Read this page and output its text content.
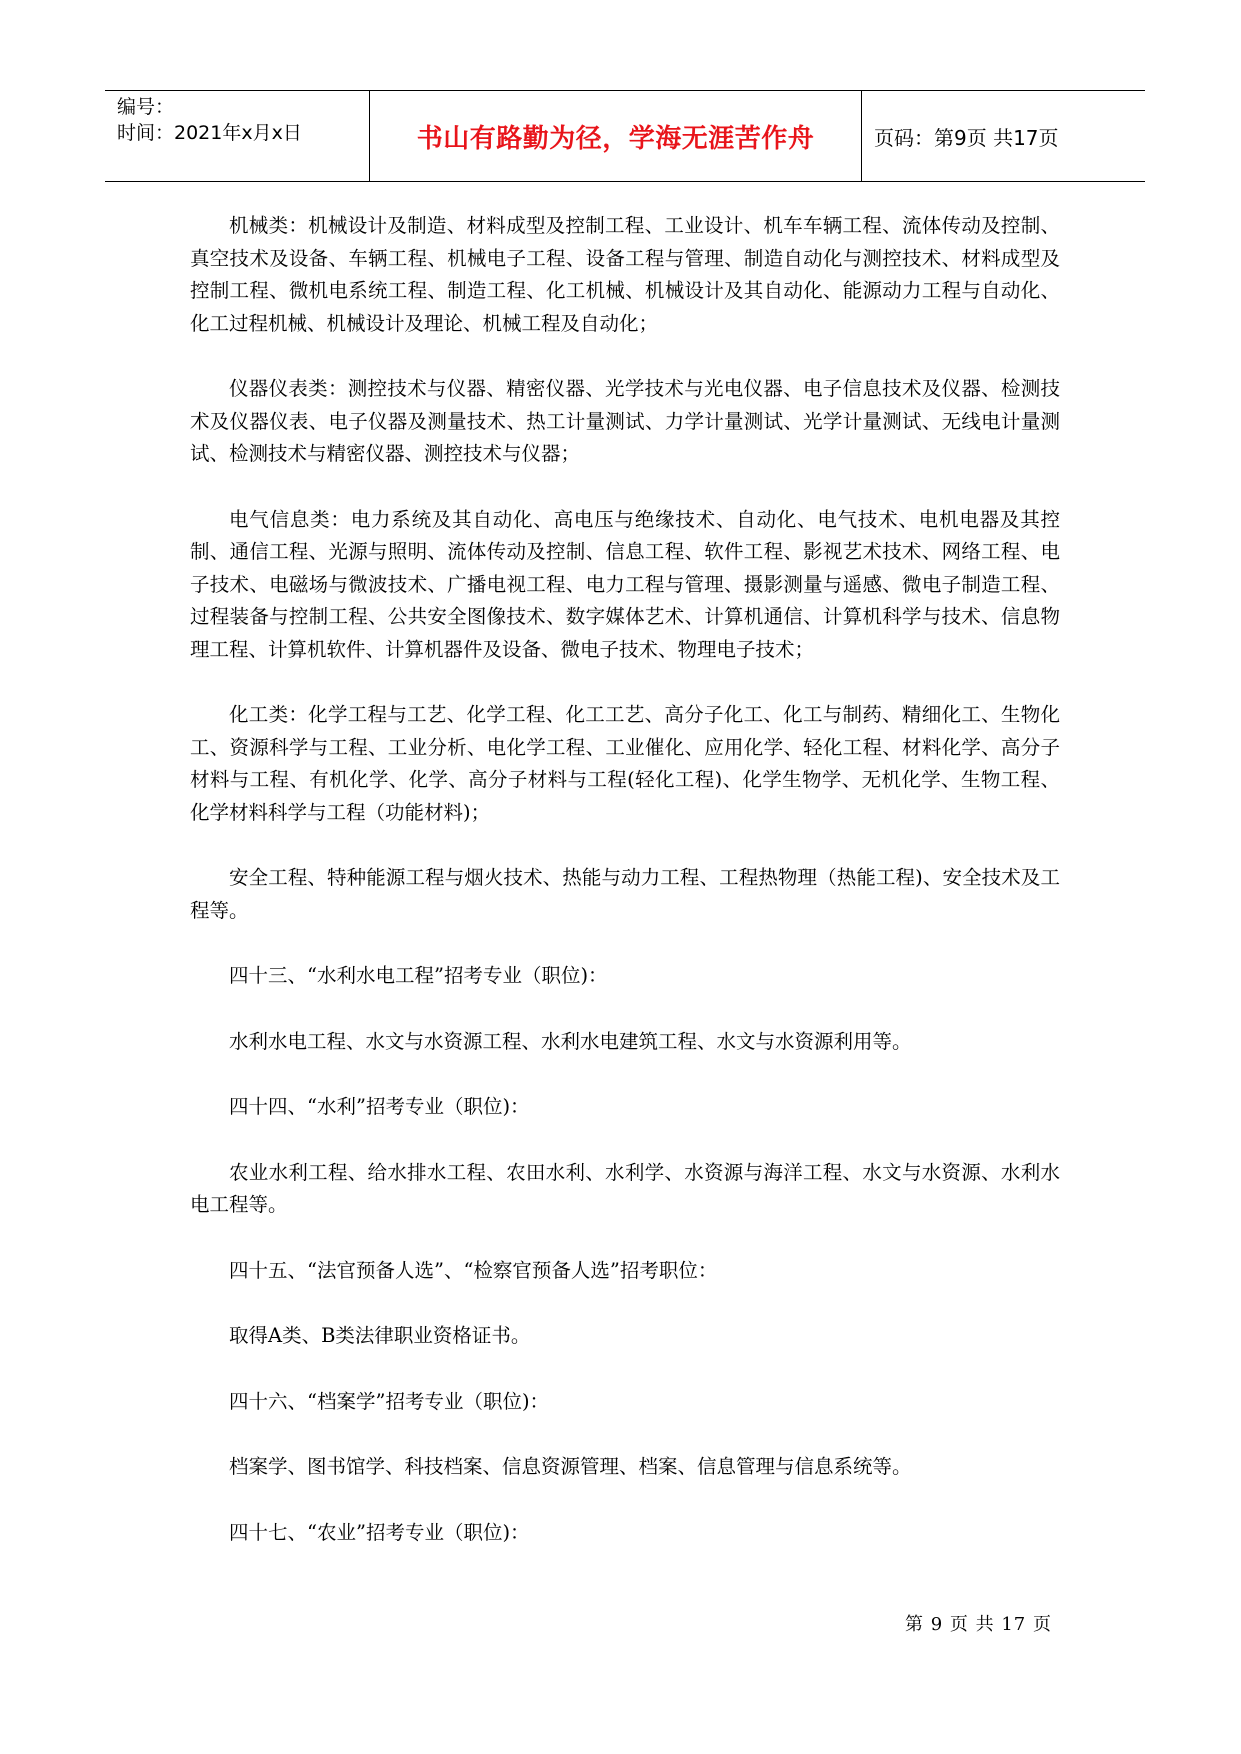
编号：
时间：2021年x月x日	书山有路勤为径，学海无涯苦作舟	页码：第9页 共17页

机械类：机械设计及制造、材料成型及控制工程、工业设计、机车车辆工程、流体传动及控制、真空技术及设备、车辆工程、机械电子工程、设备工程与管理、制造自动化与测控技术、材料成型及控制工程、微机电系统工程、制造工程、化工机械、机械设计及其自动化、能源动力工程与自动化、化工过程机械、机械设计及理论、机械工程及自动化；

仪器仪表类：测控技术与仪器、精密仪器、光学技术与光电仪器、电子信息技术及仪器、检测技术及仪器仪表、电子仪器及测量技术、热工计量测试、力学计量测试、光学计量测试、无线电计量测试、检测技术与精密仪器、测控技术与仪器；

电气信息类：电力系统及其自动化、高电压与绝缘技术、自动化、电气技术、电机电器及其控制、通信工程、光源与照明、流体传动及控制、信息工程、软件工程、影视艺术技术、网络工程、电子技术、电磁场与微波技术、广播电视工程、电力工程与管理、摄影测量与遥感、微电子制造工程、过程装备与控制工程、公共安全图像技术、数字媒体艺术、计算机通信、计算机科学与技术、信息物理工程、计算机软件、计算机器件及设备、微电子技术、物理电子技术；

化工类：化学工程与工艺、化学工程、化工工艺、高分子化工、化工与制药、精细化工、生物化工、资源科学与工程、工业分析、电化学工程、工业催化、应用化学、轻化工程、材料化学、高分子材料与工程、有机化学、化学、高分子材料与工程(轻化工程)、化学生物学、无机化学、生物工程、化学材料科学与工程（功能材料)；

安全工程、特种能源工程与烟火技术、热能与动力工程、工程热物理（热能工程)、安全技术及工程等。

四十三、“水利水电工程”招考专业（职位)：

水利水电工程、水文与水资源工程、水利水电建筑工程、水文与水资源利用等。

四十四、“水利”招考专业（职位)：

农业水利工程、给水排水工程、农田水利、水利学、水资源与海洋工程、水文与水资源、水利水电工程等。

四十五、“法官预备人选”、“检察官预备人选”招考职位：

取得A类、B类法律职业资格证书。

四十六、“档案学”招考专业（职位)：

档案学、图书馆学、科技档案、信息资源管理、档案、信息管理与信息系统等。

四十七、“农业”招考专业（职位)：

第 9 页 共 17 页
